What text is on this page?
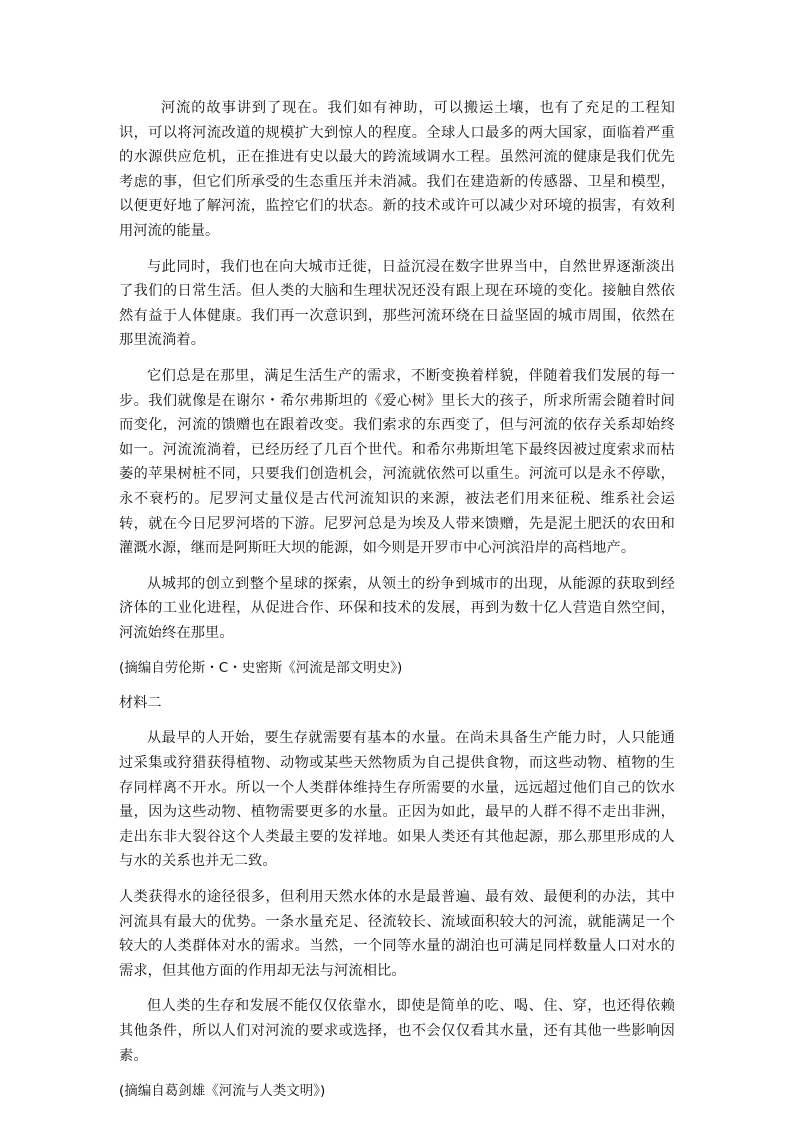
河流的故事讲到了现在。我们如有神助，可以搬运土壤，也有了充足的工程知识，可以将河流改道的规模扩大到惊人的程度。全球人口最多的两大国家，面临着严重的水源供应危机，正在推进有史以最大的跨流域调水工程。虽然河流的健康是我们优先考虑的事，但它们所承受的生态重压并未消减。我们在建造新的传感器、卫星和模型，以便更好地了解河流，监控它们的状态。新的技术或许可以减少对环境的损害，有效利用河流的能量。

与此同时，我们也在向大城市迁徙，日益沉浸在数字世界当中，自然世界逐渐淡出了我们的日常生活。但人类的大脑和生理状况还没有跟上现在环境的变化。接触自然依然有益于人体健康。我们再一次意识到，那些河流环绕在日益坚固的城市周围，依然在那里流淌着。

它们总是在那里，满足生活生产的需求，不断变换着样貌，伴随着我们发展的每一步。我们就像是在谢尔・希尔弗斯坦的《爱心树》里长大的孩子，所求所需会随着时间而变化，河流的馈赠也在跟着改变。我们索求的东西变了，但与河流的依存关系却始终如一。河流流淌着，已经历经了几百个世代。和希尔弗斯坦笔下最终因被过度索求而枯萎的苹果树桩不同，只要我们创造机会，河流就依然可以重生。河流可以是永不停歇，永不衰朽的。尼罗河丈量仪是古代河流知识的来源，被法老们用来征税、维系社会运转，就在今日尼罗河塔的下游。尼罗河总是为埃及人带来馈赠，先是泥土肥沃的农田和灌溉水源，继而是阿斯旺大坝的能源，如今则是开罗市中心河滨沿岸的高档地产。

从城邦的创立到整个星球的探索，从领土的纷争到城市的出现，从能源的获取到经济体的工业化进程，从促进合作、环保和技术的发展，再到为数十亿人营造自然空间，河流始终在那里。

(摘编自劳伦斯・C・史密斯《河流是部文明史》)

材料二

从最早的人开始，要生存就需要有基本的水量。在尚未具备生产能力时，人只能通过采集或狩猎获得植物、动物或某些天然物质为自己提供食物，而这些动物、植物的生存同样离不开水。所以一个人类群体维持生存所需要的水量，远远超过他们自己的饮水量，因为这些动物、植物需要更多的水量。正因为如此，最早的人群不得不走出非洲，走出东非大裂谷这个人类最主要的发祥地。如果人类还有其他起源，那么那里形成的人与水的关系也并无二致。

人类获得水的途径很多，但利用天然水体的水是最普遍、最有效、最便利的办法，其中河流具有最大的优势。一条水量充足、径流较长、流域面积较大的河流，就能满足一个较大的人类群体对水的需求。当然，一个同等水量的湖泊也可满足同样数量人口对水的需求，但其他方面的作用却无法与河流相比。

但人类的生存和发展不能仅仅依靠水，即使是简单的吃、喝、住、穿，也还得依赖其他条件，所以人们对河流的要求或选择，也不会仅仅看其水量，还有其他一些影响因素。

(摘编自葛剑雄《河流与人类文明》)
